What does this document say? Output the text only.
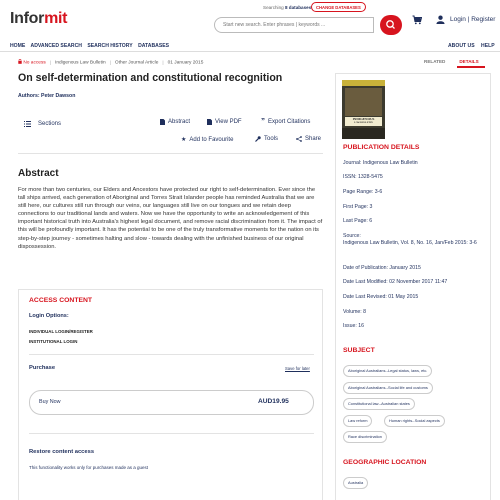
Informit
Searching 8 databases	CHANGE DATABASES
Start new search. Enter phrases | keywords ...
Login | Register
HOME ADVANCED SEARCH SEARCH HISTORY DATABASES	ABOUT US HELP
No access | Indigenous Law Bulletin | Other Journal Article | 01 January 2015	RELATED	DETAILS
On self-determination and constitutional recognition
Authors: Peter Dawson
Sections	Abstract	View PDF ” Export Citations
★ Add to Favourite	Tools	Share
Abstract
For more than two centuries, our Elders and Ancestors have protected our right to self-determination. Ever since the tall ships arrived, each generation of Aboriginal and Torres Strait Islander people has reminded Australia that we are still here, our cultures still run through our veins, our languages still live on our tongues and we retain deep connections to our traditional lands and waters. Now we have the opportunity to write an acknowledgement of this important historical truth into Australia's highest legal document, and remove racial discrimination from it. The impact of this will be profoundly important. It has the potential to be one of the truly transformative moments for the nation on its step-by-step journey - sometimes halting and slow - towards dealing with the unfinished business of our original dispossession.
ACCESS CONTENT
Login Options:
INDIVIDUAL LOGIN/REGISTER
INSTITUTIONAL LOGIN
Purchase	Save for later
Buy Now	AUD19.95
Restore content access
This functionality works only for purchases made as a guest
INDIGENOUS
LAW BULLETIN
PUBLICATION DETAILS
Journal: Indigenous Law Bulletin
ISSN: 1328-5475
Page Range: 3-6
First Page: 3
Last Page: 6
Source:
Indigenous Law Bulletin, Vol. 8, No. 16, Jan/Feb 2015: 3-6
Date of Publication: January 2015
Date Last Modified: 02 November 2017 11:47
Date Last Revised: 01 May 2015
Volume: 8
Issue: 16
SUBJECT
Aboriginal Australians--Legal status, laws, etc.
Aboriginal Australians--Social life and customs
Constitutional law--Australian states
Law reform	Human rights--Social aspects
Race discrimination
GEOGRAPHIC LOCATION
Australia
